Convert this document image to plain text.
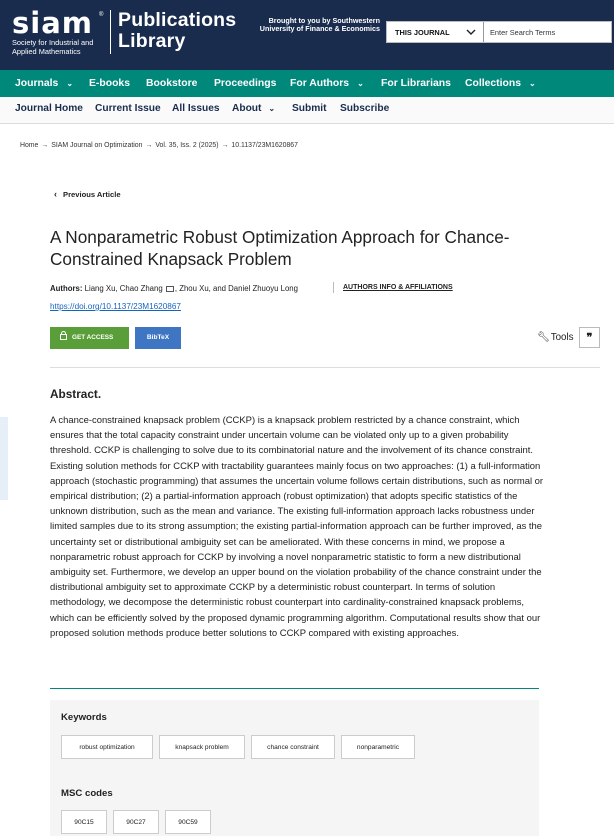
siam ®
Society for Industrial and Applied Mathematics
Publications
Library
Brought to you by Southwestern University of Finance & Economics	THIS JOURNAL
Enter Search Terms
Journals ⌄ E-books Bookstore Proceedings For Authors ⌄ For Librarians Collections ⌄
Journal Home Current Issue All Issues About ⌄ Submit Subscribe
Home → SIAM Journal on Optimization → Vol. 35, Iss. 2 (2025) → 10.1137/23M1620867
‹ Previous Article
A Nonparametric Robust Optimization Approach for Chance-Constrained Knapsack Problem
Authors: Liang Xu, Chao Zhang , Zhou Xu, and Daniel Zhuoyu Long	AUTHORS INFO & AFFILIATIONS
https://doi.org/10.1137/23M1620867
GET ACCESS	BibTeX	🔧︎Tools	❞
Abstract.

A chance-constrained knapsack problem (CCKP) is a knapsack problem restricted by a chance constraint, which ensures that the total capacity constraint under uncertain volume can be violated only up to a given probability threshold. CCKP is challenging to solve due to its combinatorial nature and the involvement of its chance constraint. Existing solution methods for CCKP with tractability guarantees mainly focus on two approaches: (1) a full-information approach (stochastic programming) that assumes the uncertain volume follows certain distributions, such as normal or empirical distribution; (2) a partial-information approach (robust optimization) that adopts specific statistics of the unknown distribution, such as the mean and variance. The existing full-information approach lacks robustness under limited samples due to its strong assumption; the existing partial-information approach can be further improved, as the uncertainty set or distributional ambiguity set can be ameliorated. With these concerns in mind, we propose a nonparametric robust approach for CCKP by involving a novel nonparametric statistic to form a new distributional ambiguity set. Furthermore, we develop an upper bound on the violation probability of the chance constraint under the distributional ambiguity set to approximate CCKP by a deterministic robust counterpart. In terms of solution methodology, we decompose the deterministic robust counterpart into cardinality-constrained knapsack problems, which can be efficiently solved by the proposed dynamic programming algorithm. Computational results show that our proposed solution methods produce better solutions to CCKP compared with existing approaches.

Keywords
robust optimization	knapsack problem	chance constraint	nonparametric
MSC codes
90C15	90C27	90C59
